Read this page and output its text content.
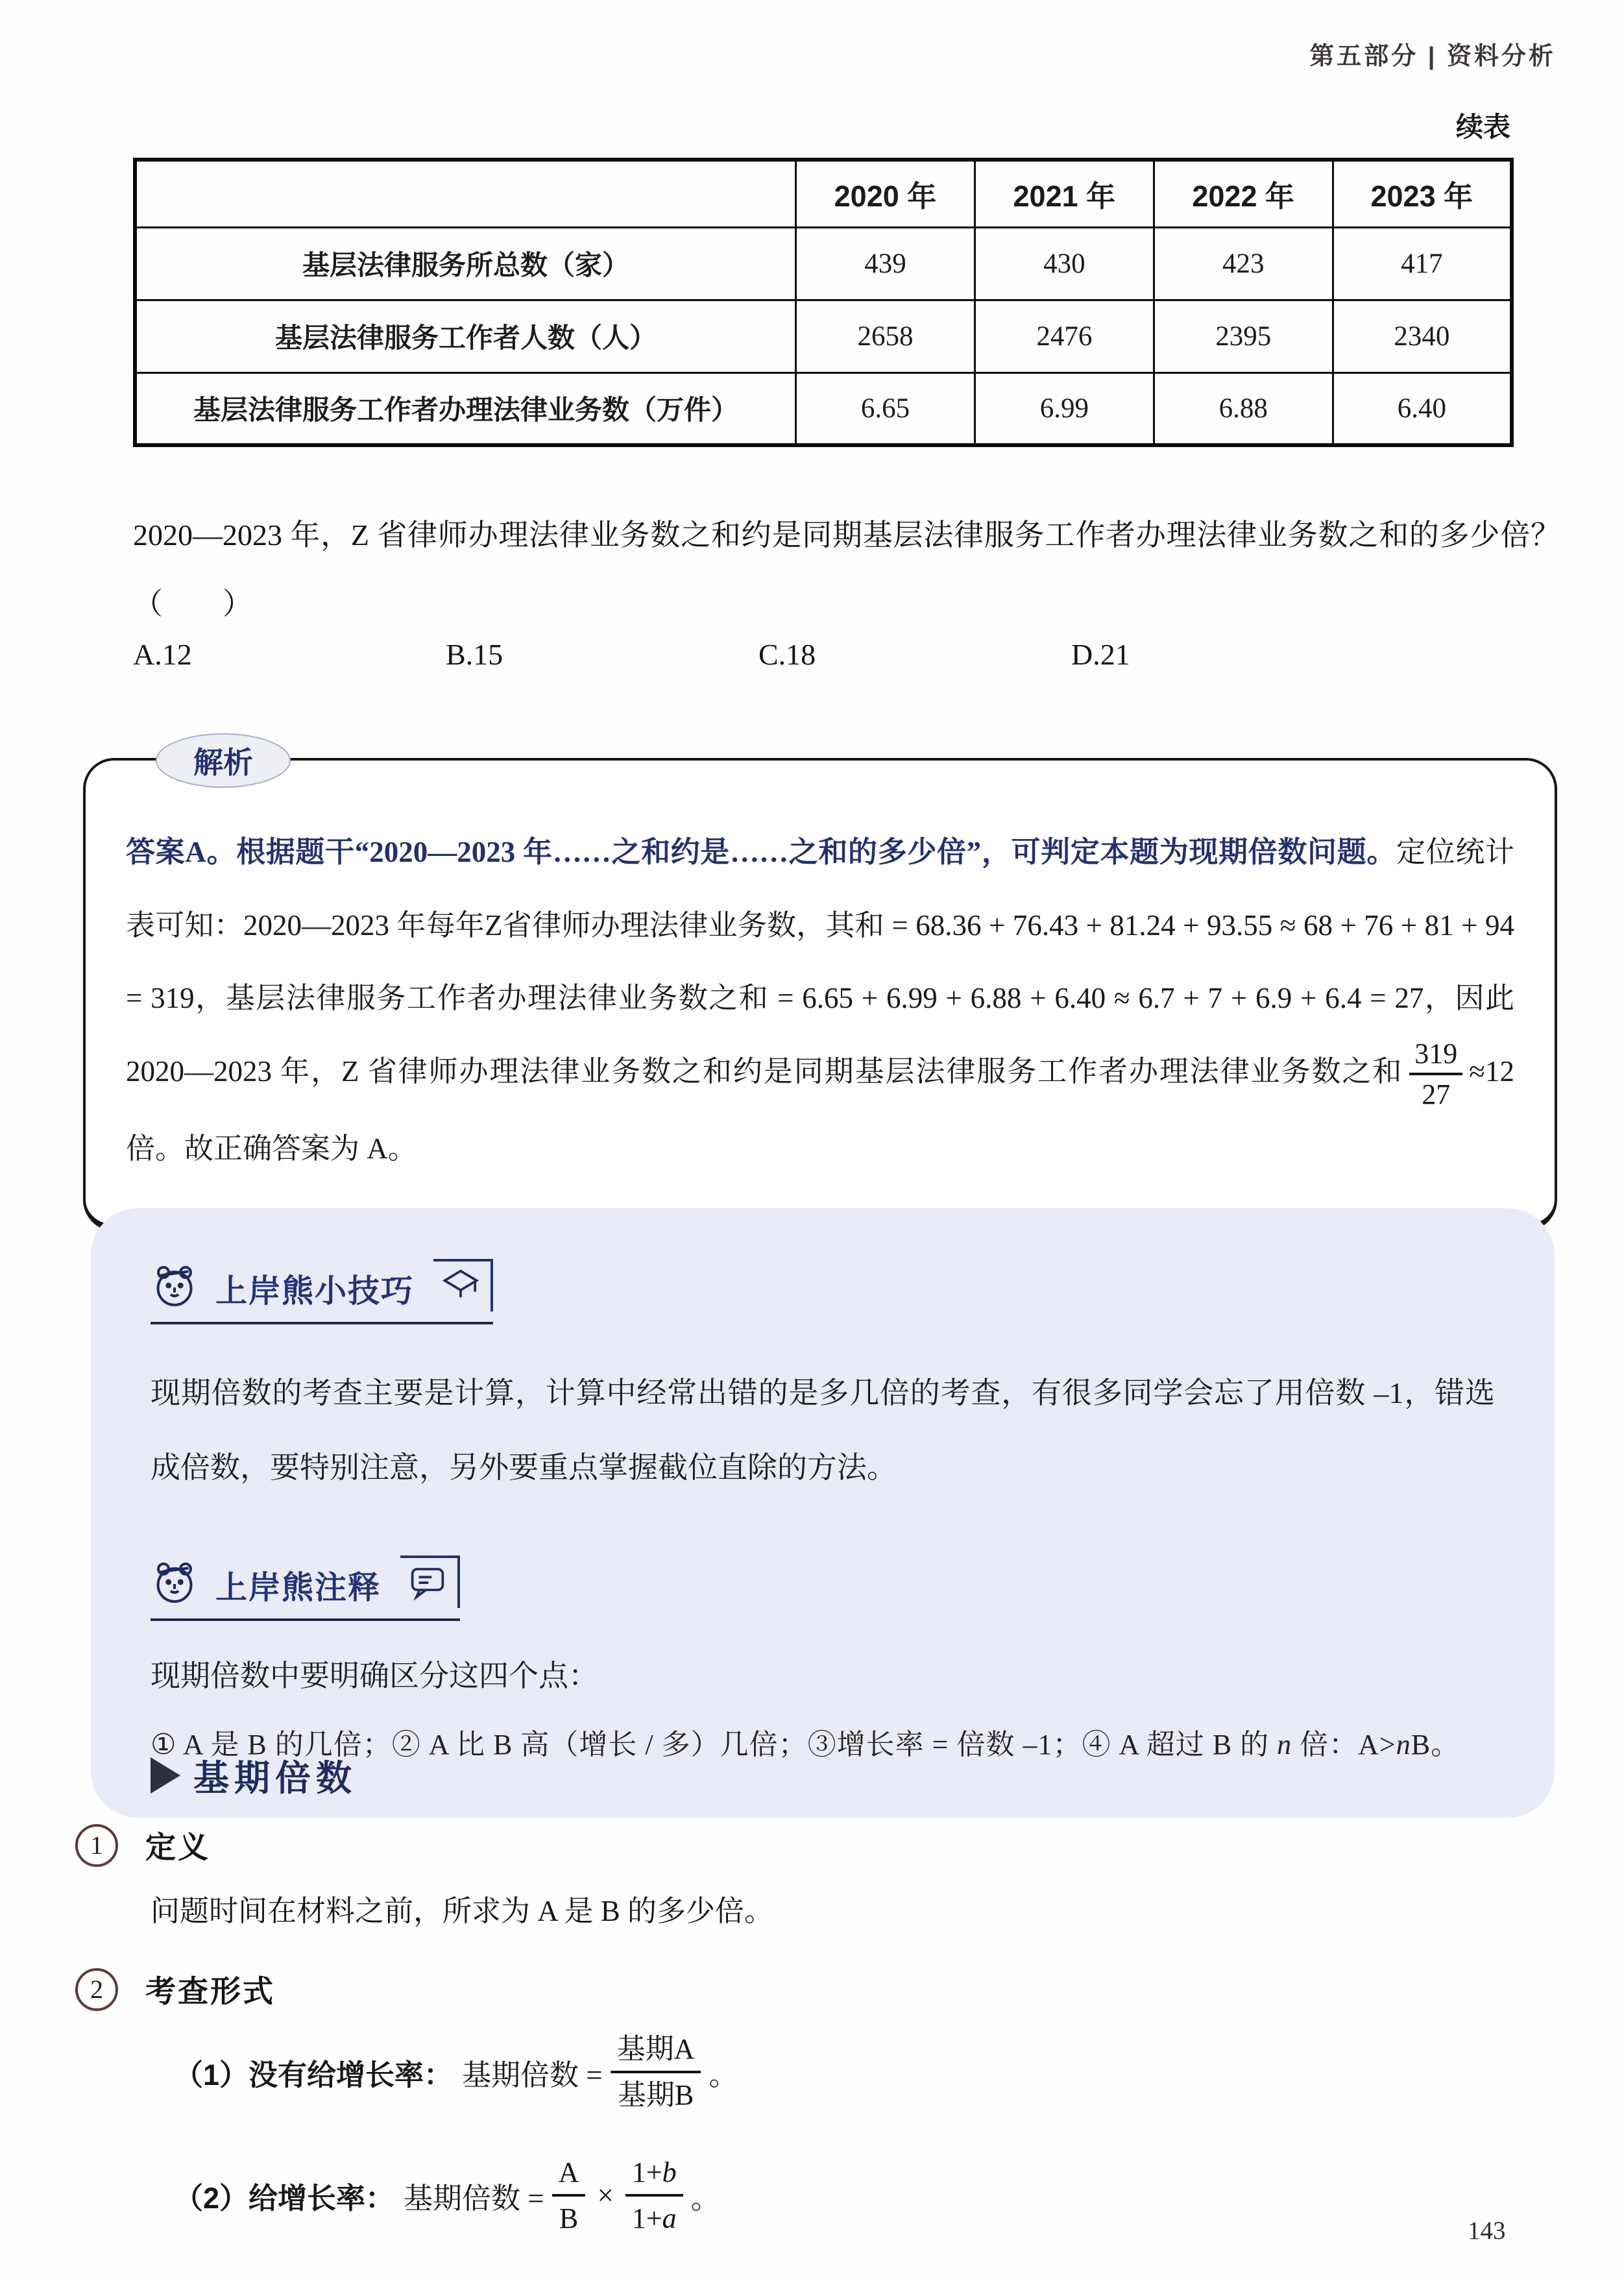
第五部分 | 资料分析
续表
	2020 年	2021 年	2022 年	2023 年
基层法律服务所总数（家）	439	430	423	417
基层法律服务工作者人数（人）	2658	2476	2395	2340
基层法律服务工作者办理法律业务数（万件）	6.65	6.99	6.88	6.40
2020—2023 年，Z 省律师办理法律业务数之和约是同期基层法律服务工作者办理法律业务数之和的多少倍？（　　）
A.12	B.15	C.18	D.21
解析
答案A。根据题干“2020—2023 年……之和约是……之和的多少倍”，可判定本题为现期倍数问题。定位统计表可知：2020—2023 年每年Z省律师办理法律业务数，其和 = 68.36 + 76.43 + 81.24 + 93.55 ≈ 68 + 76 + 81 + 94 = 319，基层法律服务工作者办理法律业务数之和 = 6.65 + 6.99 + 6.88 + 6.40 ≈ 6.7 + 7 + 6.9 + 6.4 = 27，因此 2020—2023 年，Z 省律师办理法律业务数之和约是同期基层法律服务工作者办理法律业务数之和 $\frac{319}{27} \approx 12$ 倍。故正确答案为 A。
上岸熊小技巧
现期倍数的考查主要是计算，计算中经常出错的是多几倍的考查，有很多同学会忘了用倍数 –1，错选成倍数，要特别注意，另外要重点掌握截位直除的方法。
上岸熊注释
现期倍数中要明确区分这四个点：
① A 是 B 的几倍；② A 比 B 高（增长 / 多）几倍；③增长率 = 倍数 –1；④ A 超过 B 的 n 倍：A>nB。
基期倍数
1	定义
问题时间在材料之前，所求为 A 是 B 的多少倍。
2	考查形式
（1）没有给增长率： 基期倍数 = $\frac{\text{基期A}}{\text{基期B}}$ 。
（2）给增长率： 基期倍数 = $\frac{A}{B} \times \frac{1+b}{1+a}$ 。
143
